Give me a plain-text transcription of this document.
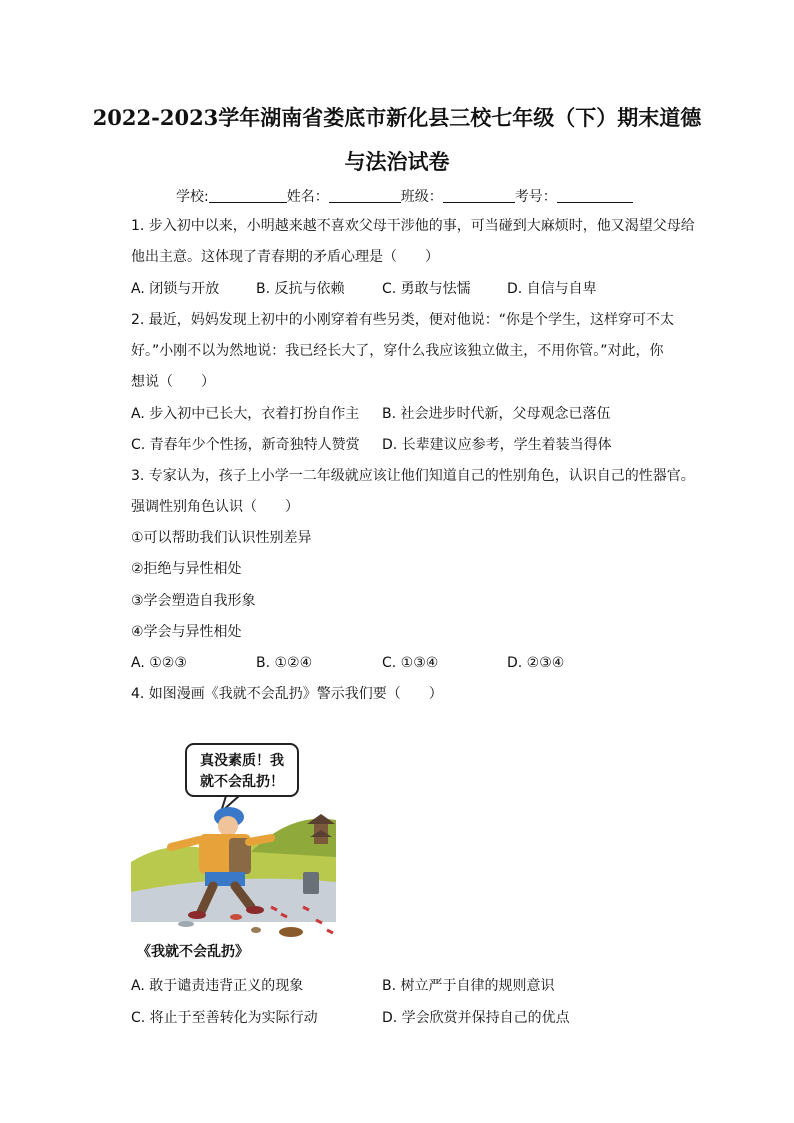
2022-2023学年湖南省娄底市新化县三校七年级（下）期末道德
与法治试卷
学校:	姓名：	班级：	考号：
1. 步入初中以来，小明越来越不喜欢父母干涉他的事，可当碰到大麻烦时，他又渴望父母给
他出主意。这体现了青春期的矛盾心理是（　　）
A. 闭锁与开放	B. 反抗与依赖	C. 勇敢与怯懦	D. 自信与自卑
2. 最近，妈妈发现上初中的小刚穿着有些另类，便对他说：“你是个学生，这样穿可不太
好。”小刚不以为然地说：我已经长大了，穿什么我应该独立做主，不用你管。”对此，你
想说（　　）
A. 步入初中已长大，衣着打扮自作主 B. 社会进步时代新，父母观念已落伍
C. 青春年少个性扬，新奇独特人赞赏 D. 长辈建议应参考，学生着装当得体
3. 专家认为，孩子上小学一二年级就应该让他们知道自己的性别角色，认识自己的性器官。
强调性别角色认识（　　）
①可以帮助我们认识性别差异
②拒绝与异性相处
③学会塑造自我形象
④学会与异性相处
A. ①②③	B. ①②④	C. ①③④	D. ②③④
4. 如图漫画《我就不会乱扔》警示我们要（　　）
真没素质！我
就不会乱扔！
《我就不会乱扔》
A. 敢于谴责违背正义的现象	B. 树立严于自律的规则意识
C. 将止于至善转化为实际行动	D. 学会欣赏并保持自己的优点
